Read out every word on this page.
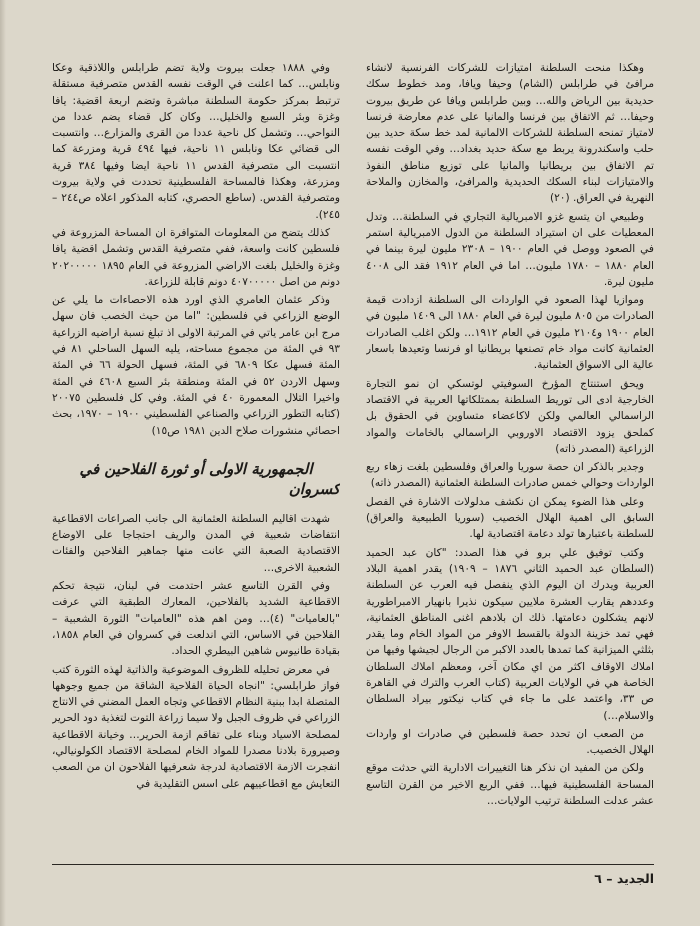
وهكذا منحت السلطنة امتيازات للشركات الفرنسية لانشاء مرافئ في طرابلس (الشام) وحيفا ويافا، ومد خطوط سكك حديدية بين الرياض والله… وبين طرابلس ويافا عن طريق بيروت وحيفا… ثم الاتفاق بين فرنسا والمانيا على عدم معارضة فرنسا لامتياز تمنحه السلطنة للشركات الالمانية لمد خط سكة حديد بين حلب واسكندرونة يربط مع سكة حديد بغداد… وفي الوقت نفسه تم الاتفاق بين بريطانيا والمانيا على توزيع مناطق النفوذ والامتيازات لبناء السكك الحديدية والمرافئ، والمخازن والملاحة النهرية في العراق. (٢٠)

وطبيعي ان يتسع غزو الامبريالية التجاري في السلطنة… وتدل المعطيات على ان استيراد السلطنة من الدول الامبريالية استمر في الصعود ووصل في العام ١٩٠٠ – ٢٣٠٨ مليون ليرة بينما في العام ١٨٨٠ – ١٧٨٠ مليون… اما في العام ١٩١٢ فقد الى ٤٠٠٨ مليون ليرة.

وموازيا لهذا الصعود في الواردات الى السلطنة ازدادت قيمة الصادرات من ٨٠٥ مليون ليرة في العام ١٨٨٠ الى ١٤٠٩ مليون في العام ١٩٠٠ و٢١٠٤ مليون في العام ١٩١٢… ولكن اغلب الصادرات العثمانية كانت مواد خام تصنعها بريطانيا او فرنسا وتعيدها باسعار عالية الى الاسواق العثمانية.

ويحق استنتاج المؤرخ السوفيتي لوتسكي ان نمو التجارة الخارجية ادى الى توريط السلطنة بممتلكاتها العربية في الاقتصاد الراسمالي العالمي ولكن لاكاعضاء متساوين في الحقوق بل كملحق يزود الاقتصاد الاوروبي الراسمالي بالخامات والمواد الزراعية (المصدر ذاته)

وجدير بالذكر ان حصة سوريا والعراق وفلسطين بلغت زهاء ربع الواردات وحوالي خمس صادرات السلطنة العثمانية (المصدر ذاته)

وعلى هذا الضوء يمكن ان نكشف مدلولات الاشارة في الفصل السابق الى اهمية الهلال الخصيب (سوريا الطبيعية والعراق) للسلطنة باعتبارها تولد دعامة اقتصادية لها.

وكتب توفيق علي برو في هذا الصدد: "كان عبد الحميد (السلطان عبد الحميد الثاني ١٨٧٦ – ١٩٠٩) يقدر اهمية البلاد العربية ويدرك ان اليوم الذي ينفصل فيه العرب عن السلطنة وعددهم يقارب العشرة ملايين سيكون نذيرا بانهيار الامبراطورية لانهم يشكلون دعامتها. ذلك ان بلادهم اغنى المناطق العثمانية، فهي تمد خزينة الدولة بالقسط الاوفر من المواد الخام وما يقدر بثلثي الميزانية كما تمدها بالعدد الاكبر من الرجال لجيشها وفيها من املاك الاوقاف اكثر من اي مكان آخر، ومعظم املاك السلطان الخاصة هي في الولايات العربية (كتاب العرب والترك في القاهرة ص ٣٣، واعتمد على ما جاء في كتاب نيكتور بيراد السلطان والاسلام…)

من الصعب ان تحدد حصة فلسطين في صادرات او واردات الهلال الخصيب.

ولكن من المفيد ان نذكر هنا التغييرات الادارية التي حدثت موقع المساحة الفلسطينية فيها… ففي الربع الاخير من القرن التاسع عشر عدلت السلطنة ترتيب الولايات…

وفي ١٨٨٨ جعلت بيروت ولاية تضم طرابلس واللاذقية وعكا ونابلس… كما اعلنت في الوقت نفسه القدس متصرفية مستقلة ترتبط بمركز حكومة السلطنة مباشرة وتضم اربعة اقضية: يافا وغزة وبئر السبع والخليل… وكان كل قضاء يضم عددا من النواحي… وتشمل كل ناحية عددا من القرى والمزارع… وانتسبت الى قضائي عكا ونابلس ١١ ناحية، فيها ٤٩٤ قرية ومزرعة كما انتسبت الى متصرفية القدس ١١ ناحية ايضا وفيها ٣٨٤ قرية ومزرعة، وهكذا فالمساحة الفلسطينية تحددت في ولاية بيروت ومتصرفية القدس. (ساطع الحصري، كتابه المذكور اعلاه ص٢٤٤ – ٢٤٥).

كذلك يتضح من المعلومات المتوافرة ان المساحة المزروعة في فلسطين كانت واسعة، ففي متصرفية القدس وتشمل اقضية يافا وغزة والخليل بلغت الاراضي المزروعة في العام ١٨٩٥ ٢٠٢٠٠٠٠٠ دونم من اصل ٤٠٧٠٠٠٠٠ دونم قابلة للزراعة.

وذكر عثمان العامري الذي اورد هذه الاحصاءات ما يلي عن الوضع الزراعي في فلسطين: "اما من حيث الخصب فان سهل مرج ابن عامر ياتي في المرتبة الاولى اذ تبلغ نسبة اراضيه الزراعية ٩٣ في المئة من مجموع مساحته، يليه السهل الساحلي ٨١ في المئة فسهل عكا ٦٨٠٩ في المئة، فسهل الحولة ٦٦ في المئة وسهل الاردن ٥٢ في المئة ومنطقة بئر السبع ٤٦٠٨ في المئة واخيرا التلال المعمورة ٤٠ في المئة. وفي كل فلسطين ٢٠٠٧٥ (كتابه التطور الزراعي والصناعي الفلسطيني ١٩٠٠ – ١٩٧٠، بحث احصائي منشورات صلاح الدين ١٩٨١ ص١٥)

الجمهورية الاولى أو ثورة الفلاحين في كسروان

شهدت اقاليم السلطنة العثمانية الى جانب الصراعات الاقطاعية انتفاضات شعبية في المدن والريف احتجاجا على الاوضاع الاقتصادية الصعبة التي عانت منها جماهير الفلاحين والفئات الشعبية الاخرى…

وفي القرن التاسع عشر احتدمت في لبنان، نتيجة تحكم الاقطاعية الشديد بالفلاحين، المعارك الطبقية التي عرفت "بالعاميات" (٤)… ومن اهم هذه "العاميات" الثورة الشعبية – الفلاحين في الاساس، التي اندلعت في كسروان في العام ١٨٥٨، بقيادة طانيوس شاهين البيطري الحداد.

في معرض تحليله للظروف الموضوعية والذاتية لهذه الثورة كتب فواز طرابلسي: "انجاه الحياة الفلاحية الشاقة من جميع وجوهها المتصلة ابدا ببنية النظام الاقطاعي وتجاه العمل المضني في الانتاج الزراعي في ظروف الجبل ولا سيما زراعة التوت لتغذية دود الحرير لمصلحة الاسياد وبناء على تفاقم ازمة الحرير… وخيانة الاقطاعية وصيرورة بلادنا مصدرا للمواد الخام لمصلحة الاقتصاد الكولونيالي، انفجرت الازمة الاقتصادية لدرجة شعرفيها الفلاحون ان من الصعب التعايش مع اقطاعييهم على اسس التقليدية في

الجديد – ٦
